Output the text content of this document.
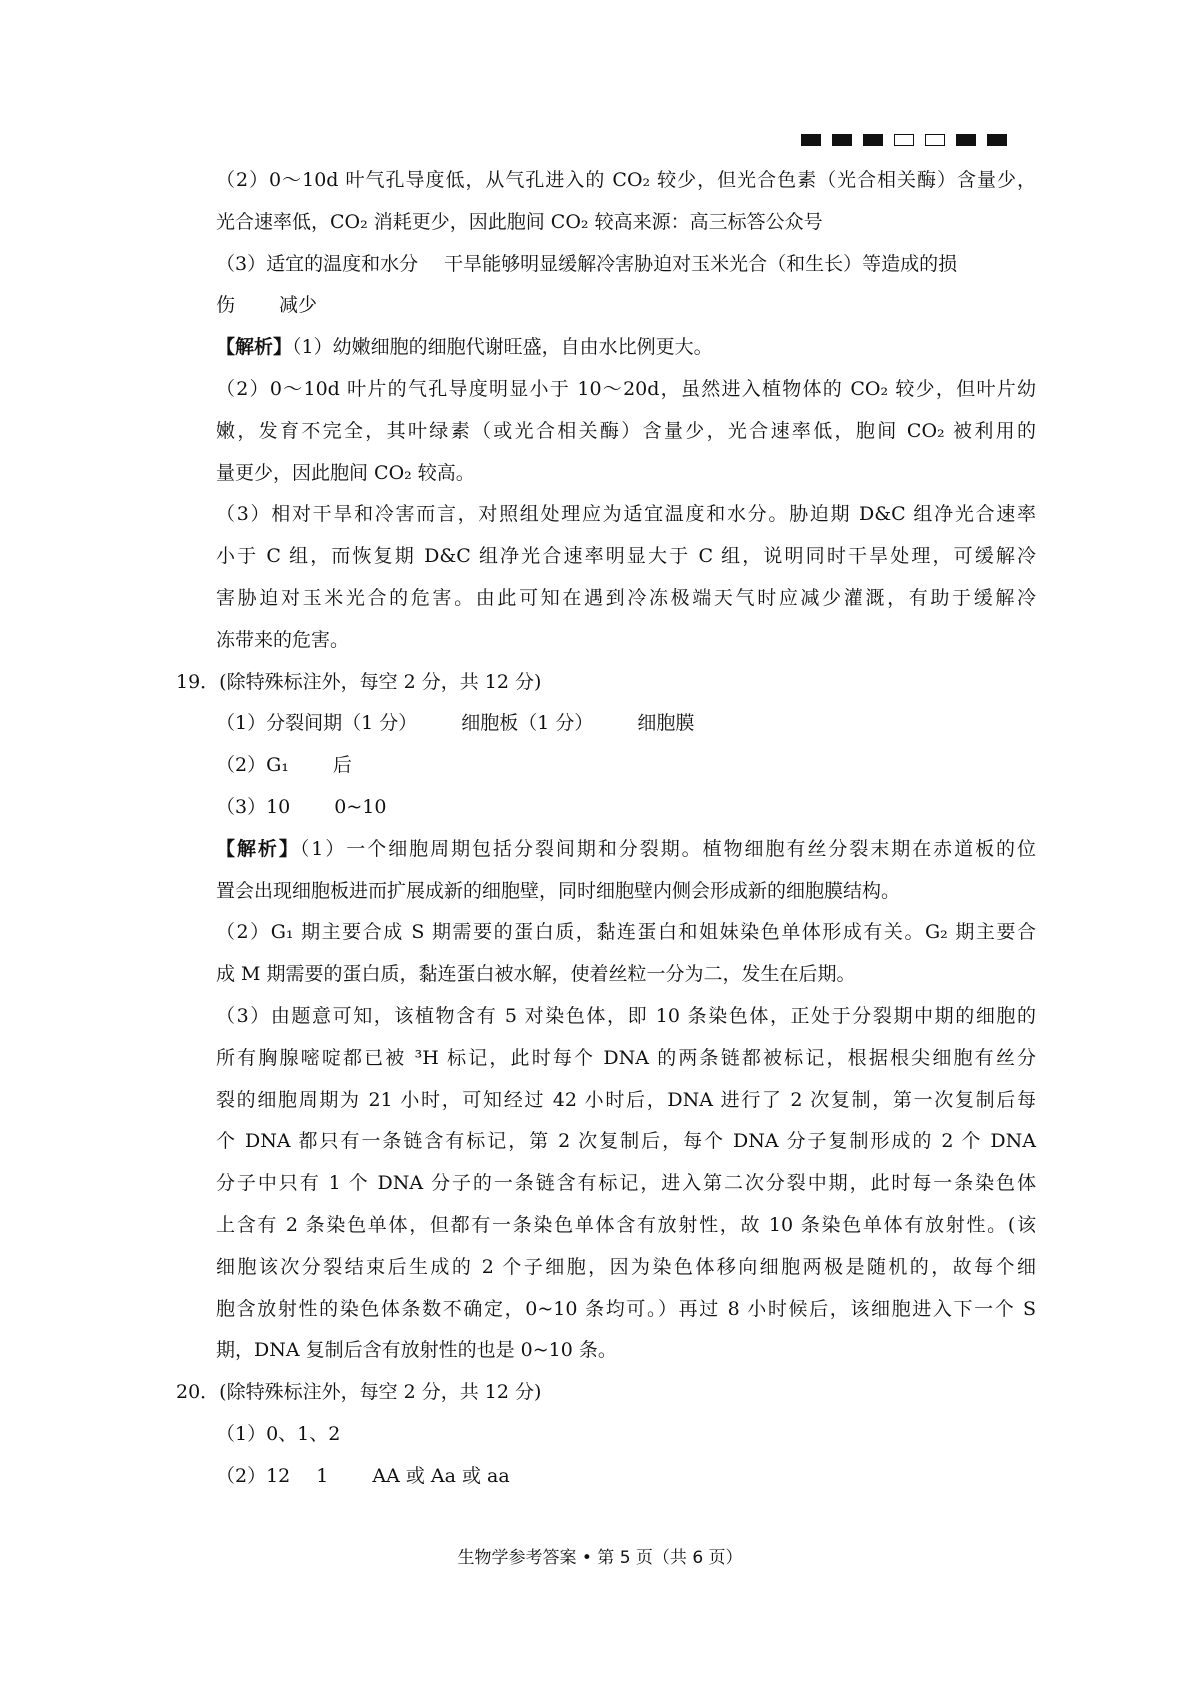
（2）0～10d 叶气孔导度低，从气孔进入的 CO₂ 较少，但光合色素（光合相关酶）含量少，
光合速率低，CO₂ 消耗更少，因此胞间 CO₂ 较高来源：高三标答公众号
（3）适宜的温度和水分 干旱能够明显缓解冷害胁迫对玉米光合（和生长）等造成的损
伤 减少
【解析】（1）幼嫩细胞的细胞代谢旺盛，自由水比例更大。
（2）0～10d 叶片的气孔导度明显小于 10～20d，虽然进入植物体的 CO₂ 较少，但叶片幼
嫩，发育不完全，其叶绿素（或光合相关酶）含量少，光合速率低，胞间 CO₂ 被利用的
量更少，因此胞间 CO₂ 较高。
（3）相对干旱和冷害而言，对照组处理应为适宜温度和水分。胁迫期 D&C 组净光合速率
小于 C 组，而恢复期 D&C 组净光合速率明显大于 C 组，说明同时干旱处理，可缓解冷
害胁迫对玉米光合的危害。由此可知在遇到冷冻极端天气时应减少灌溉，有助于缓解冷
冻带来的危害。
19．(除特殊标注外，每空 2 分，共 12 分)
（1）分裂间期（1 分） 细胞板（1 分） 细胞膜
（2）G₁ 后
（3）10 0~10
【解析】（1）一个细胞周期包括分裂间期和分裂期。植物细胞有丝分裂末期在赤道板的位
置会出现细胞板进而扩展成新的细胞壁，同时细胞壁内侧会形成新的细胞膜结构。
（2）G₁ 期主要合成 S 期需要的蛋白质，黏连蛋白和姐妹染色单体形成有关。G₂ 期主要合
成 M 期需要的蛋白质，黏连蛋白被水解，使着丝粒一分为二，发生在后期。
（3）由题意可知，该植物含有 5 对染色体，即 10 条染色体，正处于分裂期中期的细胞的
所有胸腺嘧啶都已被 ³H 标记，此时每个 DNA 的两条链都被标记，根据根尖细胞有丝分
裂的细胞周期为 21 小时，可知经过 42 小时后，DNA 进行了 2 次复制，第一次复制后每
个 DNA 都只有一条链含有标记，第 2 次复制后，每个 DNA 分子复制形成的 2 个 DNA
分子中只有 1 个 DNA 分子的一条链含有标记，进入第二次分裂中期，此时每一条染色体
上含有 2 条染色单体，但都有一条染色单体含有放射性，故 10 条染色单体有放射性。(该
细胞该次分裂结束后生成的 2 个子细胞，因为染色体移向细胞两极是随机的，故每个细
胞含放射性的染色体条数不确定，0~10 条均可。）再过 8 小时候后，该细胞进入下一个 S
期，DNA 复制后含有放射性的也是 0~10 条。
20．(除特殊标注外，每空 2 分，共 12 分)
（1）0、1、2
（2）12 1 AA 或 Aa 或 aa
生物学参考答案 • 第 5 页（共 6 页）
